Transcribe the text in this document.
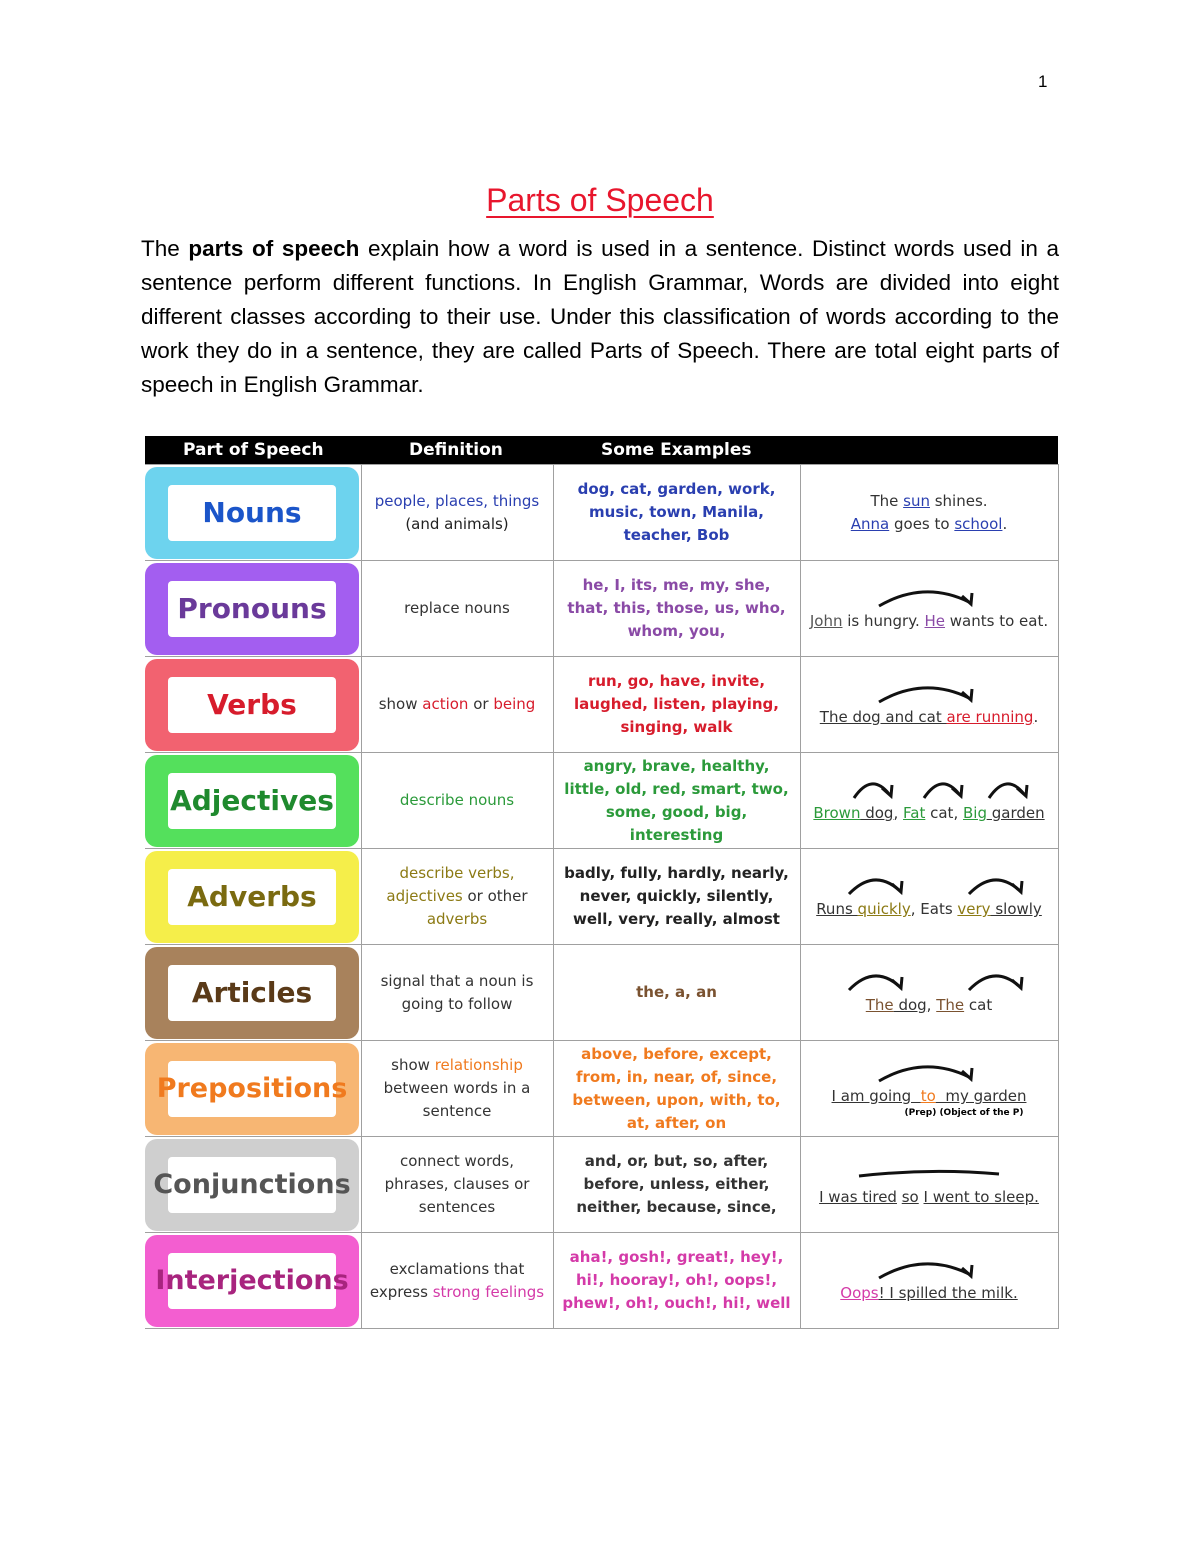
1
Parts of Speech

The parts of speech explain how a word is used in a sentence. Distinct words used in a sentence perform different functions. In English Grammar, Words are divided into eight different classes according to their use. Under this classification of words according to the work they do in a sentence, they are called Parts of Speech. There are total eight parts of speech in English Grammar.

Part of Speech	Definition	Some Examples	

Nouns	people, places, things (and animals)	dog, cat, garden, work, music, town, Manila, teacher, Bob	The sun shines.
Anna goes to school.

Pronouns	replace nouns	he, I, its, me, my, she, that, this, those, us, who, whom, you,	John is hungry. He wants to eat.

Verbs	show action or being	run, go, have, invite, laughed, listen, playing, singing, walk	The dog and cat are running.

Adjectives	describe nouns	angry, brave, healthy, little, old, red, smart, two, some, good, big, interesting	Brown dog, Fat cat, Big garden

Adverbs	describe verbs, adjectives or other adverbs	badly, fully, hardly, nearly, never, quickly, silently, well, very, really, almost	Runs quickly, Eats very slowly

Articles	signal that a noun is going to follow	the, a, an	The dog, The cat

Prepositions	show relationship between words in a sentence	above, before, except, from, in, near, of, since, between, upon, with, to, at, after, on	I am going  to  my garden
(Prep) (Object of the P)

Conjunctions	connect words, phrases, clauses or sentences	and, or, but, so, after, before, unless, either, neither, because, since,	I was tired so I went to sleep.

Interjections	exclamations that express strong feelings	aha!, gosh!, great!, hey!, hi!, hooray!, oh!, oops!, phew!, oh!, ouch!, hi!, well	Oops! I spilled the milk.
